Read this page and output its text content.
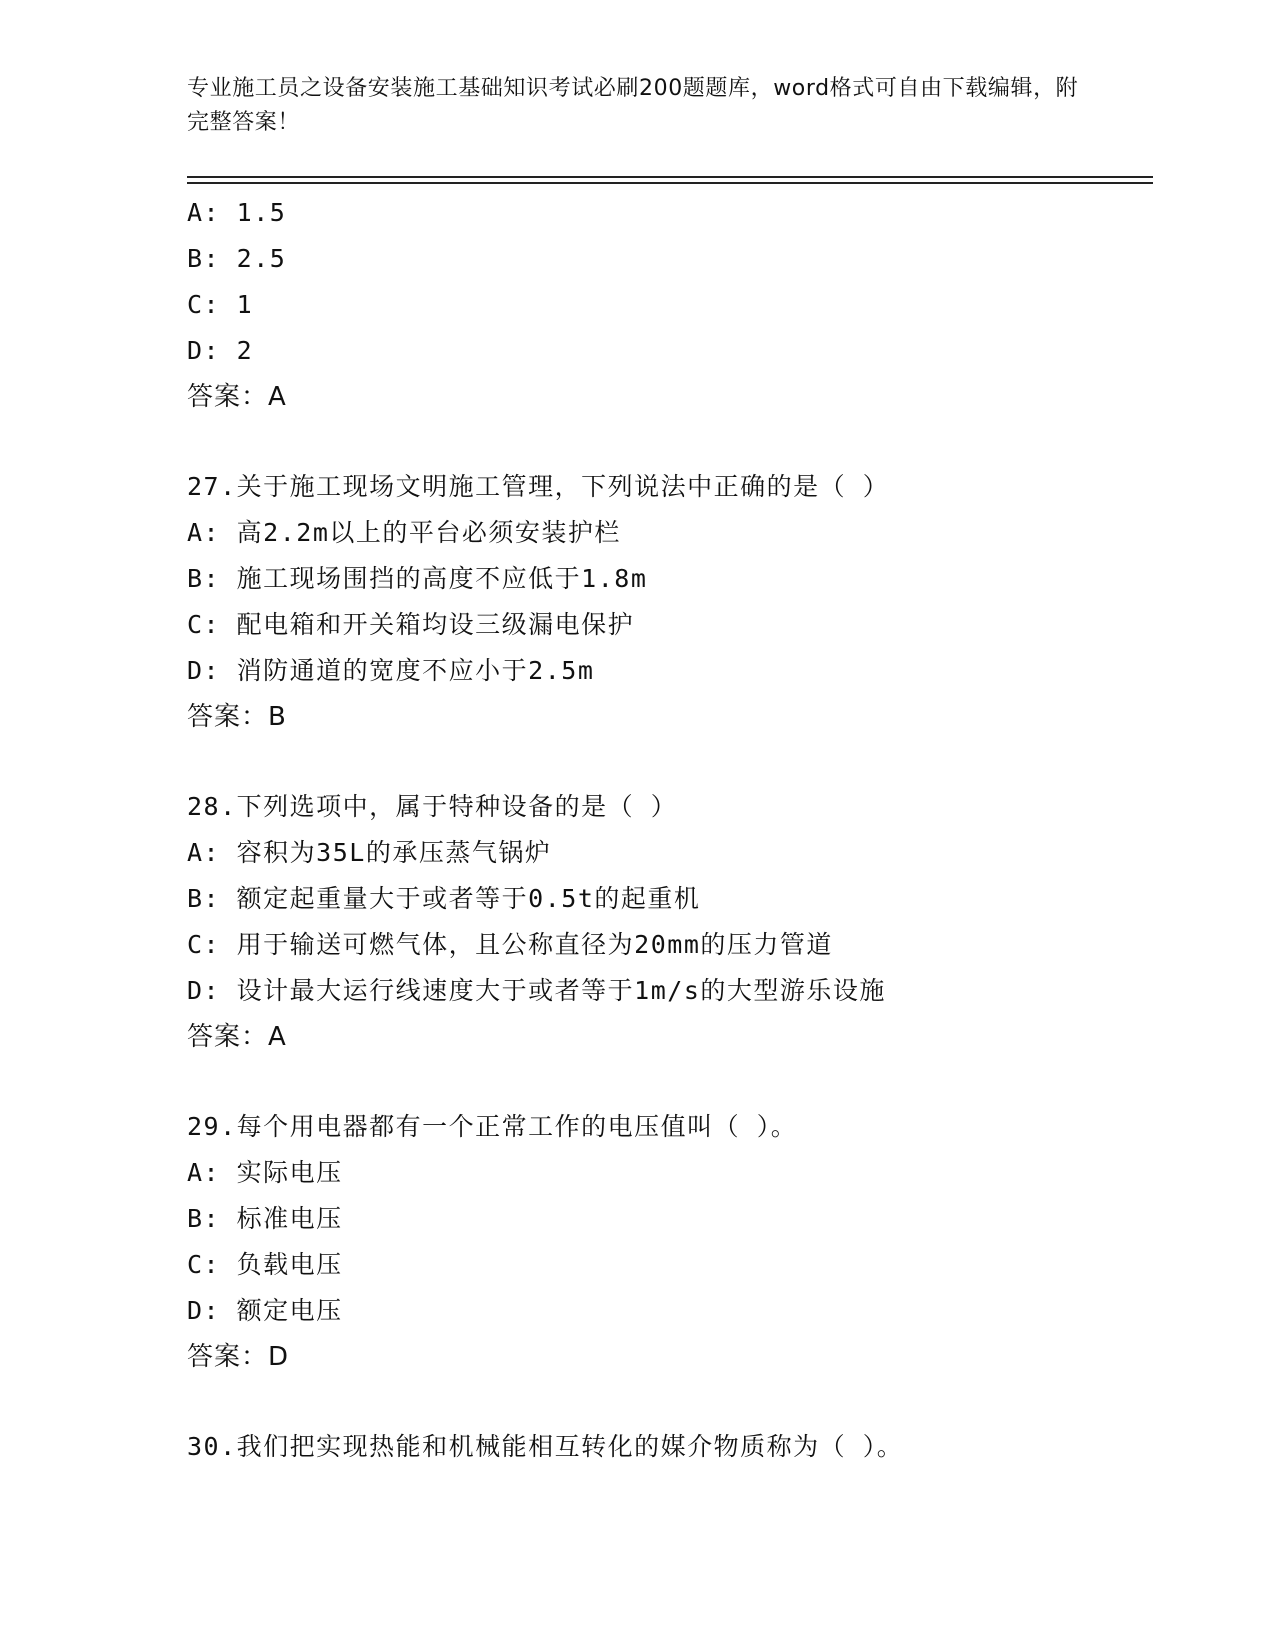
专业施工员之设备安装施工基础知识考试必刷200题题库，word格式可自由下载编辑，附完整答案！
A: 1.5
B: 2.5
C: 1
D: 2
答案：A
27.关于施工现场文明施工管理，下列说法中正确的是（ ）
A: 高2.2m以上的平台必须安装护栏
B: 施工现场围挡的高度不应低于1.8m
C: 配电箱和开关箱均设三级漏电保护
D: 消防通道的宽度不应小于2.5m
答案：B
28.下列选项中，属于特种设备的是（ ）
A: 容积为35L的承压蒸气锅炉
B: 额定起重量大于或者等于0.5t的起重机
C: 用于输送可燃气体，且公称直径为20mm的压力管道
D: 设计最大运行线速度大于或者等于1m/s的大型游乐设施
答案：A
29.每个用电器都有一个正常工作的电压值叫（ ）。
A: 实际电压
B: 标准电压
C: 负载电压
D: 额定电压
答案：D
30.我们把实现热能和机械能相互转化的媒介物质称为（ ）。
